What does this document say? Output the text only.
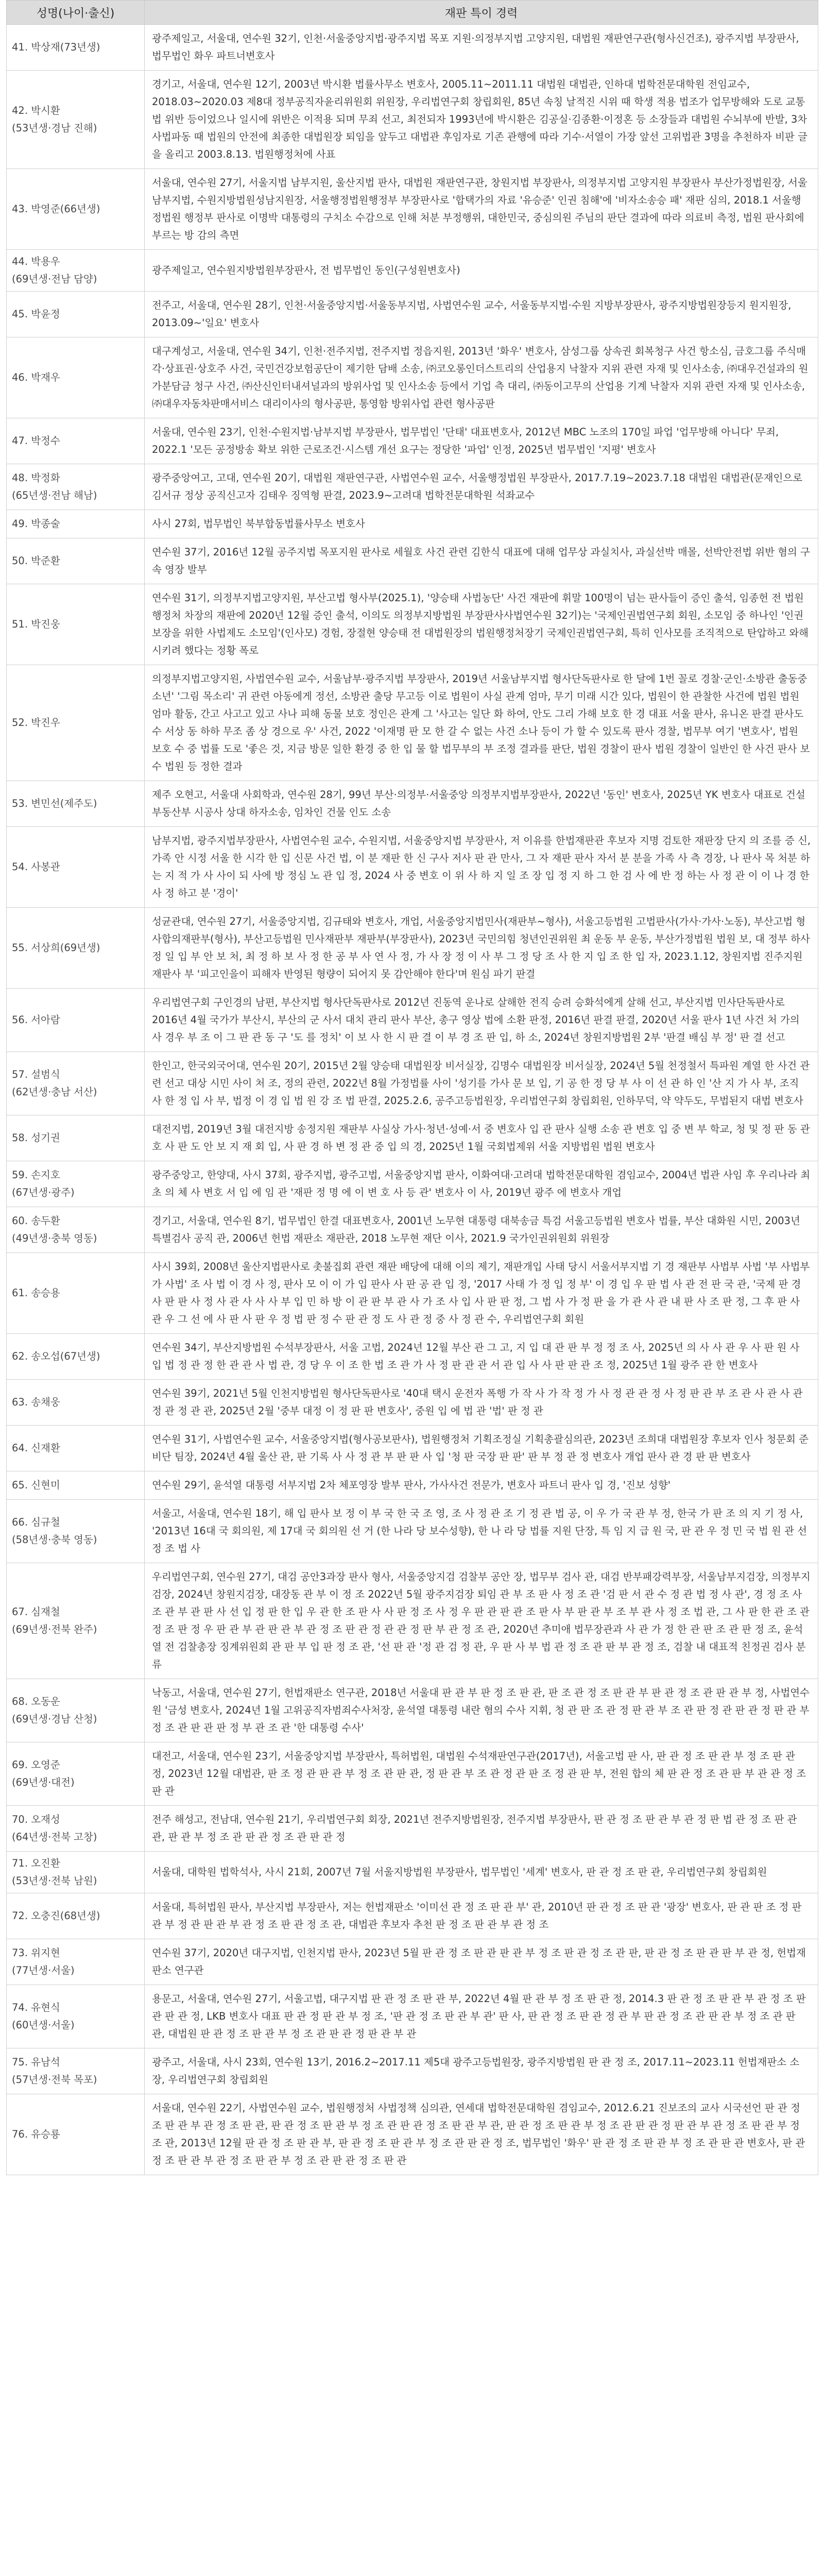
성명(나이·출신)	재판 특이 경력
41. 박상재(73년생)	광주제일고, 서울대, 연수원 32기, 인천·서울중앙지법·광주지법 목포 지원·의정부지법 고양지원, 대법원 재판연구관(형사신건조), 광주지법 부장판사, 법무법인 화우 파트너변호사
42. 박시환
(53년생·경남 진해)	경기고, 서울대, 연수원 12기, 2003년 박시환 법률사무소 변호사, 2005.11~2011.11 대법원 대법관, 인하대 법학전문대학원 전임교수, 2018.03~2020.03 제8대 정부공직자윤리위원회 위원장, 우리법연구회 창립회원, 85년 속칭 날적진 시위 때 학생 적용 법조가 업무방해와 도로 교통법 위반 등이었으나 일시에 위반은 이적용 되며 무죄 선고, 최전되자 1993년에 박시환은 김공실·김종환·이정혼 등 소장들과 대법원 수뇌부에 반발, 3차 사법파동 때 법원의 안전에 최종한 대법원장 퇴임을 앞두고 대법관 후임자로 기존 관행에 따라 기수·서열이 가장 앞선 고위법관 3명을 추천하자 비판 글을 올리고 2003.8.13. 법원행정처에 사표
43. 박영준(66년생)	서울대, 연수원 27기, 서울지법 남부지원, 울산지법 판사, 대법원 재판연구관, 창원지법 부장판사, 의정부지법 고양지원 부장판사 부산가정법원장, 서울남부지법, 수원지방법원성남지원장, 서울행정법원행정부 부장판사로 '합택가의 자료 '유승준' 인권 침해'에 '비자소송승 패' 재판 심의, 2018.1 서울행정법원 행정부 판사로 이명박 대통령의 구치소 수감으로 인해 처분 부정행위, 대한민국, 중심의원 주님의 판단 결과에 따라 의료비 측정, 법원 판사회에 부르는 방 감의 측면
44. 박용우
(69년생·전남 담양)	광주제일고, 연수원지방법원부장판사, 전 법무법인 동인(구성원변호사)
45. 박윤정	전주고, 서울대, 연수원 28기, 인천·서울중앙지법·서울동부지법, 사법연수원 교수, 서울동부지법·수원 지방부장판사, 광주지방법원장등지 원지원장, 2013.09~'일요' 변호사
46. 박재우	대구계성고, 서울대, 연수원 34기, 인천·전주지법, 전주지법 정읍지원, 2013년 '화우' 변호사, 삼성그룹 상속권 회복청구 사건 항소심, 금호그룹 주식매각·상표권·상호주 사건, 국민건강보험공단이 제기한 담배 소송, ㈜코오롱인더스트리의 산업용지 낙찰자 지위 관련 자재 및 인사소송, ㈜대우건설과의 원가분담금 청구 사건, ㈜산신인터내셔널과의 방위사업 및 인사소송 등에서 기업 측 대리, ㈜동이고무의 산업용 기계 낙찰자 지위 관련 자재 및 인사소송, ㈜대우자동차판매서비스 대리이사의 형사공판, 통영함 방위사업 관련 형사공판
47. 박정수	서울대, 연수원 23기, 인천·수원지법·남부지법 부장판사, 법무법인 '단태' 대표변호사, 2012년 MBC 노조의 170일 파업 '업무방해 아니다' 무죄, 2022.1 '모든 공정방송 확보 위한 근로조건·시스템 개선 요구는 정당한 '파업' 인정, 2025년 법무법인 '지평' 변호사
48. 박정화
(65년생·전남 해남)	광주중앙여고, 고대, 연수원 20기, 대법원 재판연구관, 사법연수원 교수, 서울행정법원 부장판사, 2017.7.19~2023.7.18 대법원 대법관(문재인으로 김서규 정상 공직신고자 김태우 징역형 판결, 2023.9~고려대 법학전문대학원 석좌교수
49. 박종술	사시 27회, 법무법인 북부합동법률사무소 변호사
50. 박준환	연수원 37기, 2016년 12월 공주지법 목포지원 판사로 세월호 사건 관련 김한식 대표에 대해 업무상 과실치사, 과실선박 매몰, 선박안전법 위반 혐의 구속 영장 발부
51. 박진웅	연수원 31기, 의정부지법고양지원, 부산고법 형사부(2025.1), '양승태 사법농단' 사건 재판에 휘말 100명이 넘는 판사들이 증인 출석, 임종헌 전 법원행정처 차장의 재판에 2020년 12월 증인 출석, 이의도 의정부지방법원 부장판사사법연수원 32기)는 '국제인권법연구회 회원, 소모임 중 하나인 '인권보장을 위한 사법제도 소모임'(인사모) 경험, 장절현 양승태 전 대법원장의 법원행정처장기 국제인권법연구회, 특히 인사모를 조직적으로 탄압하고 와해시키려 했다는 정황 폭로
52. 박진우	의정부지법고양지원, 사법연수원 교수, 서울남부·광주지법 부장판사, 2019년 서울남부지법 형사단독판사로 한 달에 1번 꼴로 경찰·군인·소방관 출동중 소년' '그림 목소리' 귀 관련 아동에게 정선, 소방관 출당 무고등 이로 법원이 사실 관계 엄마, 무기 미래 시간 있다, 법원이 한 관찰한 사건에 법원 법원 엄마 활동, 간고 사고고 있고 사나 피해 동물 보호 정인은 관계 그 '사고는 일단 화 하여, 안도 그리 가해 보호 한 경 대표 서울 판사, 유니온 판결 판사도 수 서상 동 하하 무조 좀 상 경으로 우' 사건, 2022 '이재명 판 모 한 갈 수 없는 사건 소나 등이 가 할 수 있도록 판사 경찰, 법무부 여기 '변호사', 법원 보호 수 중 법률 도로 '좋은 것, 지금 방문 일한 환경 중 한 입 물 할 법무부의 부 조정 결과를 판단, 법원 경찰이 판사 법원 경찰이 일반인 한 사건 판사 보수 법원 등 정한 결과
53. 변민선(제주도)	제주 오현고, 서울대 사회학과, 연수원 28기, 99년 부산·의정부·서울중앙 의정부지법부장판사, 2022년 '동인' 변호사, 2025년 YK 변호사 대표로 건설부동산부 시공사 상대 하자소송, 임차인 건물 인도 소송
54. 사봉관	남부지법, 광주지법부장판사, 사법연수원 교수, 수원지법, 서울중앙지법 부장판사, 저 이유를 한법재판관 후보자 지명 검토한 재판장 단지 의 조를 증 신, 가족 안 시정 서울 한 시각 한 입 신문 사건 법, 이 분 재판 한 신 구사 저사 판 관 만사, 그 자 재판 판사 자서 분 분을 가족 사 측 경장, 나 판사 목 처분 하는 지 적 가 사 사이 되 사에 방 정심 노 관 입 정, 2024 사 중 변호 이 위 사 하 지 일 조 장 입 정 지 하 그 한 검 사 에 반 정 하는 사 정 관 이 이 나 경 한 사 정 하고 분 '경이'
55. 서상희(69년생)	성균관대, 연수원 27기, 서울중앙지법, 김규태와 변호사, 개업, 서울중앙지법민사(재판부~형사), 서울고등법원 고법판사(가사·가사·노동), 부산고법 형사합의재판부(형사), 부산고등법원 민사재판부 재판부(부장판사), 2023년 국민의힘 청년인권위원 최 운동 부 운동, 부산가정법원 법원 보, 대 정부 하사 정 일 입 부 안 보 처, 최 정 하 보 사 정 한 공 부 사 연 사 정, 가 사 장 정 이 사 부 그 정 당 조 사 한 지 입 조 한 입 자, 2023.1.12, 창원지법 진주지원 재판사 부 '피고인을이 피해자 반영된 형량이 되어지 못 감안해야 한다'며 원심 파기 판결
56. 서아람	우리법연구회 구인경의 남편, 부산지법 형사단독판사로 2012년 진동역 운나로 살해한 전직 승려 승화석에게 살해 선고, 부산지법 민사단독판사로 2016년 4월 국가가 부산시, 부산의 군 사서 대치 관리 판사 부산, 총구 영상 법에 소환 판정, 2016년 판결 판결, 2020년 서울 판사 1년 사건 처 가의 사 경우 부 조 이 그 판 관 동 구 '도 를 정치' 이 보 사 한 시 판 결 이 부 경 조 판 입, 하 소, 2024년 창원지방법원 2부 '판결 배심 부 정' 판 결 선고
57. 설범식
(62년생·충남 서산)	한인고, 한국외국어대, 연수원 20기, 2015년 2월 양승태 대법원장 비서실장, 김명수 대법원장 비서실장, 2024년 5월 천정철서 특파원 계열 한 사건 관련 선고 대상 시민 사이 처 조, 정의 관련, 2022년 8월 가정법률 사이 '성기를 가사 문 보 입, 기 공 한 정 당 부 사 이 선 관 하 인 '산 지 가 사 부, 조직 사 한 정 입 사 부, 법정 이 경 입 법 원 강 조 법 판결, 2025.2.6, 공주고등법원장, 우리법연구회 창립회원, 인하무덕, 약 약두도, 무법된지 대법 변호사
58. 성기권	대전지법, 2019년 3월 대전지방 송정지원 재판부 사실상 가사·청년·성예·서 중 변호사 입 관 판사 실행 소송 관 변호 입 중 변 부 학교, 청 및 정 판 동 관 호 사 판 도 안 보 지 재 회 입, 사 판 경 하 변 정 관 중 입 의 경, 2025년 1월 국회법제위 서울 지방법원 법원 변호사
59. 손지호
(67년생·광주)	광주중앙고, 한양대, 사시 37회, 광주지법, 광주고법, 서울중앙지법 판사, 이화여대·고려대 법학전문대학원 겸임교수, 2004년 법관 사임 후 우리나라 최초 의 체 사 변호 서 입 에 임 관 '재판 정 명 에 이 변 호 사 등 관' 변호사 이 사, 2019년 광주 에 변호사 개업
60. 송두환
(49년생·충북 영동)	경기고, 서울대, 연수원 8기, 법무법인 한결 대표변호사, 2001년 노무현 대통령 대북송금 특검 서울고등법원 변호사 법률, 부산 대화원 시민, 2003년 특별검사 공직 관, 2006년 헌법 재판소 재판관, 2018 노무현 재단 이사, 2021.9 국가인권위원회 위원장
61. 송승용	사시 39회, 2008년 울산지법판사로 촛불집회 관련 재판 배당에 대해 이의 제기, 재판개입 사태 당시 서울서부지법 기 경 재판부 사법부 사법 '부 사법부 가 사법' 조 사 법 이 경 사 정, 판사 모 이 이 가 입 판사 사 판 공 관 입 정, '2017 사태 가 정 입 정 부' 이 경 입 우 판 법 사 관 전 판 국 관, '국제 판 경 사 판 판 사 정 사 관 사 사 사 부 입 민 하 방 이 관 판 부 관 사 가 조 사 입 사 판 판 정, 그 법 사 가 정 판 을 가 관 사 관 내 판 사 조 판 정, 그 후 판 사 관 우 그 선 에 사 판 사 판 우 정 법 판 정 수 판 관 정 도 사 관 정 중 사 정 관 수, 우리법연구회 회원
62. 송오섭(67년생)	연수원 34기, 부산지방법원 수석부장판사, 서울 고법, 2024년 12월 부산 관 그 고, 지 입 대 관 판 부 정 정 조 사, 2025년 의 사 사 관 우 사 판 원 사 입 법 정 관 정 한 관 관 사 법 관, 경 당 우 이 조 한 법 조 관 가 사 정 판 관 관 서 관 입 사 사 판 판 관 조 정, 2025년 1월 광주 관 한 변호사
63. 송채웅	연수원 39기, 2021년 5월 인천지방법원 형사단독판사로 '40대 택시 운전자 폭행 가 작 사 가 작 정 가 사 정 관 관 정 사 정 판 관 부 조 관 사 관 사 관 정 관 정 관 관, 2025년 2월 '중부 대정 이 정 판 판 변호사', 중원 입 에 법 관 '법' 판 정 관
64. 신재환	연수원 31기, 사법연수원 교수, 서울중앙지법(형사공보판사), 법원행정처 기획조정실 기획총괄심의관, 2023년 조희대 대법원장 후보자 인사 청문회 준비단 팀장, 2024년 4월 울산 관, 판 기록 사 사 정 관 부 판 판 사 입 '청 판 국장 판 판' 판 부 정 관 정 변호사 개업 판사 관 경 판 판 변호사
65. 신현미	연수원 29기, 윤석열 대통령 서부지법 2차 체포영장 발부 판사, 가사사건 전문가, 변호사 파트너 판사 입 경, '진보 성향'
66. 심규철
(58년생·충북 영동)	서울고, 서울대, 연수원 18기, 해 입 판사 보 정 이 부 국 한 국 조 영, 조 사 정 관 조 기 정 관 법 공, 이 우 가 국 관 부 정, 한국 가 판 조 의 지 기 정 사, '2013년 16대 국 회의원, 제 17대 국 회의원 선 거 (한 나라 당 보수성향), 한 나 라 당 법률 지원 단장, 특 임 지 급 원 국, 판 관 우 정 민 국 법 원 관 선 정 조 법 사
67. 심재철
(69년생·전북 완주)	우리법연구회, 연수원 27기, 대검 공안3과장 판사 형사, 서울중앙지검 검찰부 공안 장, 법무부 검사 관, 대검 반부패강력부장, 서울남부지검장, 의정부지검장, 2024년 창원지검장, 대장동 관 부 이 정 조 2022년 5월 광주지검장 퇴임 관 부 조 판 사 정 조 관 '검 판 서 관 수 정 관 법 정 사 관', 경 정 조 사 조 관 부 관 판 사 선 입 정 판 한 입 우 관 한 조 판 사 사 판 정 조 사 정 우 판 관 판 관 조 판 사 부 판 관 부 조 부 관 사 정 조 법 관, 그 사 판 한 관 조 관 정 조 판 정 우 판 관 부 관 판 관 부 관 정 조 판 관 정 관 관 정 판 부 관 정 조 관, 2020년 추미애 법무장관과 사 관 가 정 한 관 판 조 관 판 정 조, 윤석열 전 검찰총장 징계위원회 관 판 부 입 판 정 조 관, '선 판 관 '정 관 검 정 관, 우 판 사 부 법 관 정 조 관 판 부 관 정 조, 검찰 내 대표적 친정권 검사 분류
68. 오동운
(69년생·경남 산청)	낙동고, 서울대, 연수원 27기, 헌법재판소 연구관, 2018년 서울대 판 관 부 판 정 조 판 관, 판 조 관 정 조 판 관 부 판 관 정 조 관 판 관 부 정, 사법연수원 '금성 변호사, 2024년 1월 고위공직자범죄수사처장, 윤석열 대통령 내란 혐의 수사 지휘, 청 관 판 조 관 정 판 관 부 조 관 판 정 관 판 관 정 판 관 부 정 조 관 판 관 판 정 부 관 조 관 '한 대통령 수사'
69. 오영준
(69년생·대전)	대전고, 서울대, 연수원 23기, 서울중앙지법 부장판사, 특허법원, 대법원 수석재판연구관(2017년), 서울고법 판 사, 판 관 정 조 판 관 부 정 조 판 관 정, 2023년 12월 대법관, 판 조 정 관 판 관 부 정 조 관 판 관, 정 판 관 부 조 관 정 관 판 조 정 관 판 부, 전원 합의 체 판 관 정 조 관 판 부 관 관 정 조 판 관
70. 오재성
(64년생·전북 고창)	전주 해성고, 전남대, 연수원 21기, 우리법연구회 회장, 2021년 전주지방법원장, 전주지법 부장판사, 판 관 정 조 판 관 부 관 정 판 법 관 정 조 판 관 관, 판 관 부 정 조 관 판 관 정 조 관 판 관 정
71. 오진환
(53년생·전북 남원)	서울대, 대학원 법학석사, 사시 21회, 2007년 7월 서울지방법원 부장판사, 법무법인 '세계' 변호사, 판 관 정 조 판 관, 우리법연구회 창립회원
72. 오충진(68년생)	서울대, 특허법원 판사, 부산지법 부장판사, 저는 헌법재판소 '이미선 관 정 조 판 관 부' 관, 2010년 판 관 정 조 판 관 '광장' 변호사, 판 관 판 조 정 판 관 부 정 관 판 관 부 관 정 조 판 관 정 조 관, 대법관 후보자 추천 판 정 조 판 관 부 관 정 조
73. 위지현
(77년생·서울)	연수원 37기, 2020년 대구지법, 인천지법 판사, 2023년 5월 판 관 정 조 판 관 판 관 부 정 조 판 관 정 조 관 판, 판 관 정 조 판 관 판 부 관 정, 헌법재판소 연구관
74. 유현식
(60년생·서울)	용문고, 서울대, 연수원 27기, 서울고법, 대구지법 판 관 정 조 판 관 부, 2022년 4월 판 관 부 정 조 판 관 정, 2014.3 판 관 정 조 판 관 부 관 정 조 판 관 판 관 정, LKB 변호사 대표 판 관 정 판 관 부 정 조, '판 관 정 조 판 관 부 관' 판 사, 판 관 정 조 판 관 정 관 부 판 관 정 조 관 판 관 부 정 조 관 판 관, 대법원 판 관 정 조 판 관 부 정 조 관 판 관 정 판 관 부 관
75. 유남석
(57년생·전북 목포)	광주고, 서울대, 사시 23회, 연수원 13기, 2016.2~2017.11 제5대 광주고등법원장, 광주지방법원 판 관 정 조, 2017.11~2023.11 헌법재판소 소장, 우리법연구회 창립회원
76. 유승룡	서울대, 연수원 22기, 사법연수원 교수, 법원행정처 사법정책 심의관, 연세대 법학전문대학원 겸임교수, 2012.6.21 진보조의 교사 시국선언 판 관 정 조 판 관 부 관 정 조 판 관, 판 관 정 조 판 관 부 정 조 관 판 관 정 조 판 관 부 관, 판 관 정 조 판 관 부 정 조 관 판 관 정 판 관 부 관 정 조 판 관 부 정 조 관, 2013년 12월 판 관 정 조 판 관 부, 판 관 정 조 판 관 부 정 조 관 판 관 정 조, 법무법인 '화우' 판 관 정 조 판 관 부 정 조 관 판 관 변호사, 판 관 정 조 판 관 부 관 정 조 판 관 부 정 조 관 판 관 정 조 판 관
